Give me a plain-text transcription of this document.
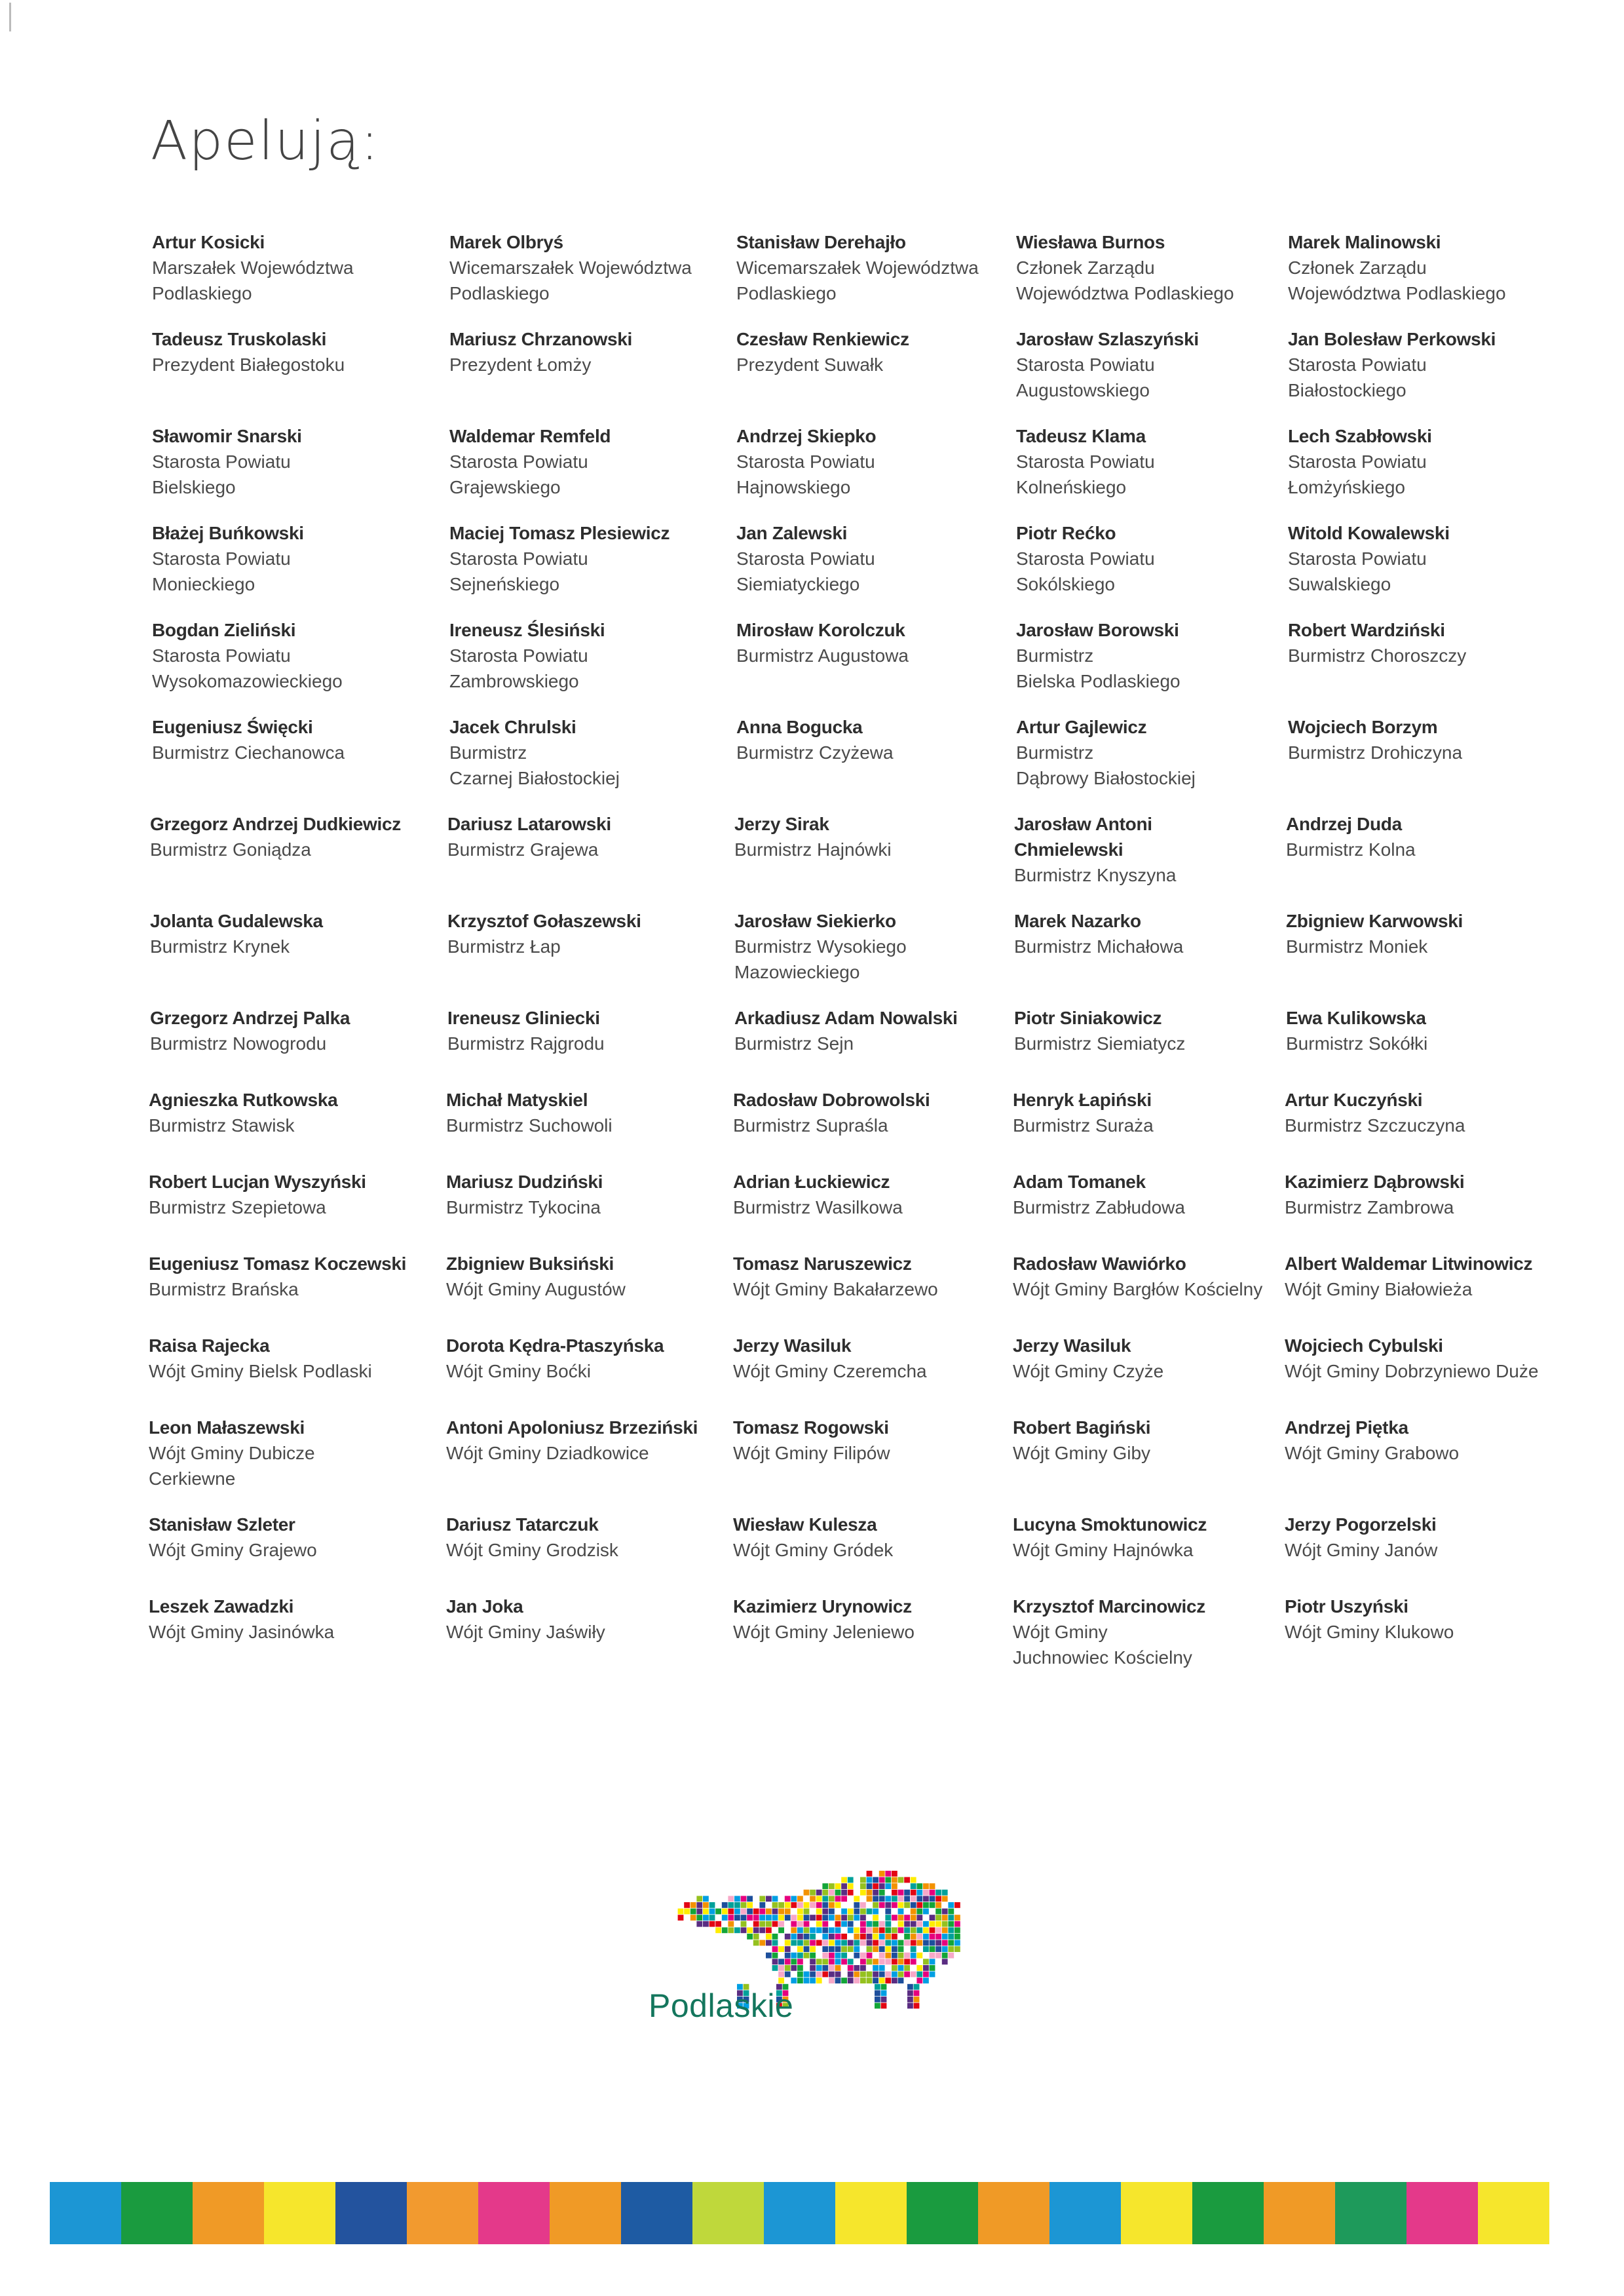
Apelują:
Artur Kosicki
Marszałek Województwa
Podlaskiego
Marek Olbryś
Wicemarszałek Województwa
Podlaskiego
Stanisław Derehajło
Wicemarszałek Województwa
Podlaskiego
Wiesława Burnos
Członek Zarządu
Województwa Podlaskiego
Marek Malinowski
Członek Zarządu
Województwa Podlaskiego
Tadeusz Truskolaski
Prezydent Białegostoku
Mariusz Chrzanowski
Prezydent Łomży
Czesław Renkiewicz
Prezydent Suwałk
Jarosław Szlaszyński
Starosta Powiatu
Augustowskiego
Jan Bolesław Perkowski
Starosta Powiatu
Białostockiego
Sławomir Snarski
Starosta Powiatu
Bielskiego
Waldemar Remfeld
Starosta Powiatu
Grajewskiego
Andrzej Skiepko
Starosta Powiatu
Hajnowskiego
Tadeusz Klama
Starosta Powiatu
Kolneńskiego
Lech Szabłowski
Starosta Powiatu
Łomżyńskiego
Błażej Buńkowski
Starosta Powiatu
Monieckiego
Maciej Tomasz Plesiewicz
Starosta Powiatu
Sejneńskiego
Jan Zalewski
Starosta Powiatu
Siemiatyckiego
Piotr Rećko
Starosta Powiatu
Sokólskiego
Witold Kowalewski
Starosta Powiatu
Suwalskiego
Bogdan Zieliński
Starosta Powiatu
Wysokomazowieckiego
Ireneusz Ślesiński
Starosta Powiatu
Zambrowskiego
Mirosław Korolczuk
Burmistrz Augustowa
Jarosław Borowski
Burmistrz
Bielska Podlaskiego
Robert Wardziński
Burmistrz Choroszczy
Eugeniusz Święcki
Burmistrz Ciechanowca
Jacek Chrulski
Burmistrz
Czarnej Białostockiej
Anna Bogucka
Burmistrz Czyżewa
Artur Gajlewicz
Burmistrz
Dąbrowy Białostockiej
Wojciech Borzym
Burmistrz Drohiczyna
Grzegorz Andrzej Dudkiewicz
Burmistrz Goniądza
Dariusz Latarowski
Burmistrz Grajewa
Jerzy Sirak
Burmistrz Hajnówki
Jarosław Antoni
Chmielewski
Burmistrz Knyszyna
Andrzej Duda
Burmistrz Kolna
Jolanta Gudalewska
Burmistrz Krynek
Krzysztof Gołaszewski
Burmistrz Łap
Jarosław Siekierko
Burmistrz Wysokiego
Mazowieckiego
Marek Nazarko
Burmistrz Michałowa
Zbigniew Karwowski
Burmistrz Moniek
Grzegorz Andrzej Palka
Burmistrz Nowogrodu
Ireneusz Gliniecki
Burmistrz Rajgrodu
Arkadiusz Adam Nowalski
Burmistrz Sejn
Piotr Siniakowicz
Burmistrz Siemiatycz
Ewa Kulikowska
Burmistrz Sokółki
Agnieszka Rutkowska
Burmistrz Stawisk
Michał Matyskiel
Burmistrz Suchowoli
Radosław Dobrowolski
Burmistrz Supraśla
Henryk Łapiński
Burmistrz Suraża
Artur Kuczyński
Burmistrz Szczuczyna
Robert Lucjan Wyszyński
Burmistrz Szepietowa
Mariusz Dudziński
Burmistrz Tykocina
Adrian Łuckiewicz
Burmistrz Wasilkowa
Adam Tomanek
Burmistrz Zabłudowa
Kazimierz Dąbrowski
Burmistrz Zambrowa
Eugeniusz Tomasz Koczewski
Burmistrz Brańska
Zbigniew Buksiński
Wójt Gminy Augustów
Tomasz Naruszewicz
Wójt Gminy Bakałarzewo
Radosław Wawiórko
Wójt Gminy Bargłów Kościelny
Albert Waldemar Litwinowicz
Wójt Gminy Białowieża
Raisa Rajecka
Wójt Gminy Bielsk Podlaski
Dorota Kędra-Ptaszyńska
Wójt Gminy Boćki
Jerzy Wasiluk
Wójt Gminy Czeremcha
Jerzy Wasiluk
Wójt Gminy Czyże
Wojciech Cybulski
Wójt Gminy Dobrzyniewo Duże
Leon Małaszewski
Wójt Gminy Dubicze
Cerkiewne
Antoni Apoloniusz Brzeziński
Wójt Gminy Dziadkowice
Tomasz Rogowski
Wójt Gminy Filipów
Robert Bagiński
Wójt Gminy Giby
Andrzej Piętka
Wójt Gminy Grabowo
Stanisław Szleter
Wójt Gminy Grajewo
Dariusz Tatarczuk
Wójt Gminy Grodzisk
Wiesław Kulesza
Wójt Gminy Gródek
Lucyna Smoktunowicz
Wójt Gminy Hajnówka
Jerzy Pogorzelski
Wójt Gminy Janów
Leszek Zawadzki
Wójt Gminy Jasinówka
Jan Joka
Wójt Gminy Jaświły
Kazimierz Urynowicz
Wójt Gminy Jeleniewo
Krzysztof Marcinowicz
Wójt Gminy
Juchnowiec Kościelny
Piotr Uszyński
Wójt Gminy Klukowo
Podlaskie
